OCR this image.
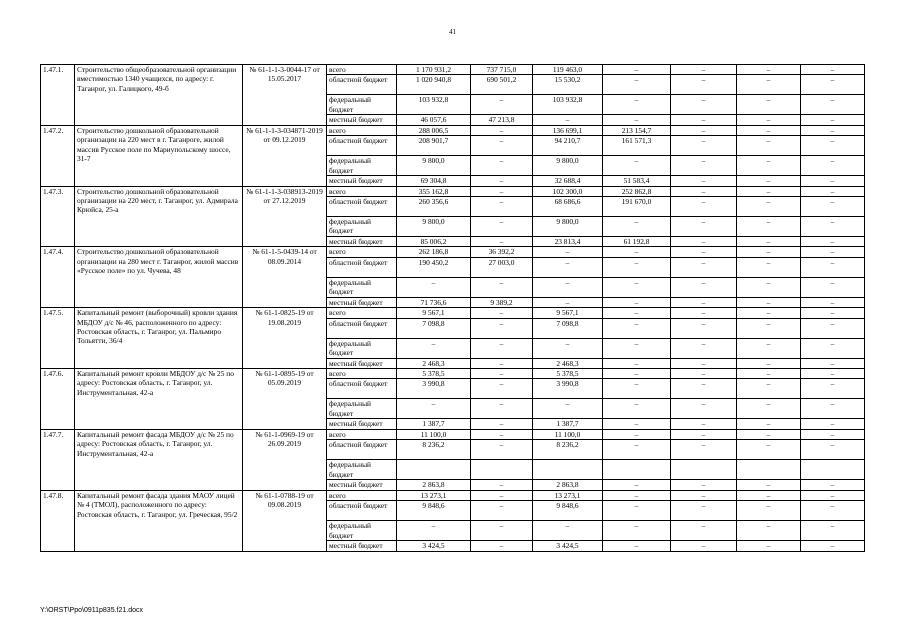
41
1.47.1.	Строительство общеобразовательной организации вместимостью 1340 учащихся, по адресу: г. Таганрог, ул. Галицкого, 49-б	№ 61-1-1-3-0044-17 от 15.05.2017	всего	1 170 931,2	737 715,0	119 463,0	–	–	–	–
			областной бюджет	1 020 940,8	690 501,2	15 530,2	–	–	–	–
			федеральный бюджет	103 932,8	–	103 932,8	–	–	–	–
			местный бюджет	46 057,6	47 213,8	–	–	–	–	–
1.47.2.	Строительство дошкольной образовательной организации на 220 мест в г. Таганроге, жилой массив Русское поле по Мариупольскому шоссе, 31-7	№ 61-1-1-3-034871-2019 от 09.12.2019	всего	288 006,5	–	136 699,1	213 154,7	–	–	–
			областной бюджет	208 901,7	–	94 210,7	161 571,3	–	–	–
			федеральный бюджет	9 800,0	–	9 800,0	–	–	–	–
			местный бюджет	69 304,8	–	32 688,4	51 583,4	–	–	–
1.47.3.	Строительство дошкольной образовательной организации на 220 мест, г. Таганрог, ул. Адмирала Крюйса, 25-а	№ 61-1-1-3-038913-2019 от 27.12.2019	всего	355 162,8	–	102 300,0	252 862,8	–	–	–
			областной бюджет	260 356,6	–	68 686,6	191 670,0	–	–	–
			федеральный бюджет	9 800,0	–	9 800,0	–	–	–	–
			местный бюджет	85 006,2	–	23 813,4	61 192,8	–	–	–
1.47.4.	Строительство дошкольной образовательной организации на 280 мест г. Таганрог, жилой массив «Русское поле» по ул. Чучева, 48	№ 61-1-5-0439-14 от 08.09.2014	всего	262 186,8	36 392,2	–	–	–	–	–
			областной бюджет	190 450,2	27 003,0	–	–	–	–	–
			федеральный бюджет	–	–	–	–	–	–	–
			местный бюджет	71 736,6	9 389,2	–	–	–	–	–
1.47.5.	Капитальный ремонт (выборочный) кровли здания МБДОУ д/с № 46, расположенного по адресу: Ростовская область, г. Таганрог, ул. Пальмиро Тольятти, 36/4	№ 61-1-0825-19 от 19.08.2019	всего	9 567,1	–	9 567,1	–	–	–	–
			областной бюджет	7 098,8	–	7 098,8	–	–	–	–
			федеральный бюджет	–	–	–	–	–	–	–
			местный бюджет	2 468,3	–	2 468,3	–	–	–	–
1.47.6.	Капитальный ремонт кровли МБДОУ д/с № 25 по адресу: Ростовская область, г. Таганрог, ул. Инструментальная, 42-а	№ 61-1-0895-19 от 05.09.2019	всего	5 378,5	–	5 378,5	–	–	–	–
			областной бюджет	3 990,8	–	3 990,8	–	–	–	–
			федеральный бюджет	–	–	–	–	–	–	–
			местный бюджет	1 387,7	–	1 387,7	–	–	–	–
1.47.7.	Капитальный ремонт фасада МБДОУ д/с № 25 по адресу: Ростовская область, г. Таганрог, ул. Инструментальная, 42-а	№ 61-1-0969-19 от 26.09.2019	всего	11 100,0	–	11 100,0	–	–	–	–
			областной бюджет	8 236,2	–	8 236,2	–	–	–	–
			федеральный бюджет							
			местный бюджет	2 863,8	–	2 863,8	–	–	–	–
1.47.8.	Капитальный ремонт фасада здания МАОУ лицей № 4 (ТМОЛ), расположенного по адресу: Ростовская область, г. Таганрог, ул. Греческая, 95/2	№ 61-1-0788-19 от 09.08.2019	всего	13 273,1	–	13 273,1	–	–	–	–
			областной бюджет	9 848,6	–	9 848,6	–	–	–	–
			федеральный бюджет	–	–	–	–	–	–	–
			местный бюджет	3 424,5	–	3 424,5	–	–	–	–
Y:\ORST\Ppo\0911p835.f21.docx
